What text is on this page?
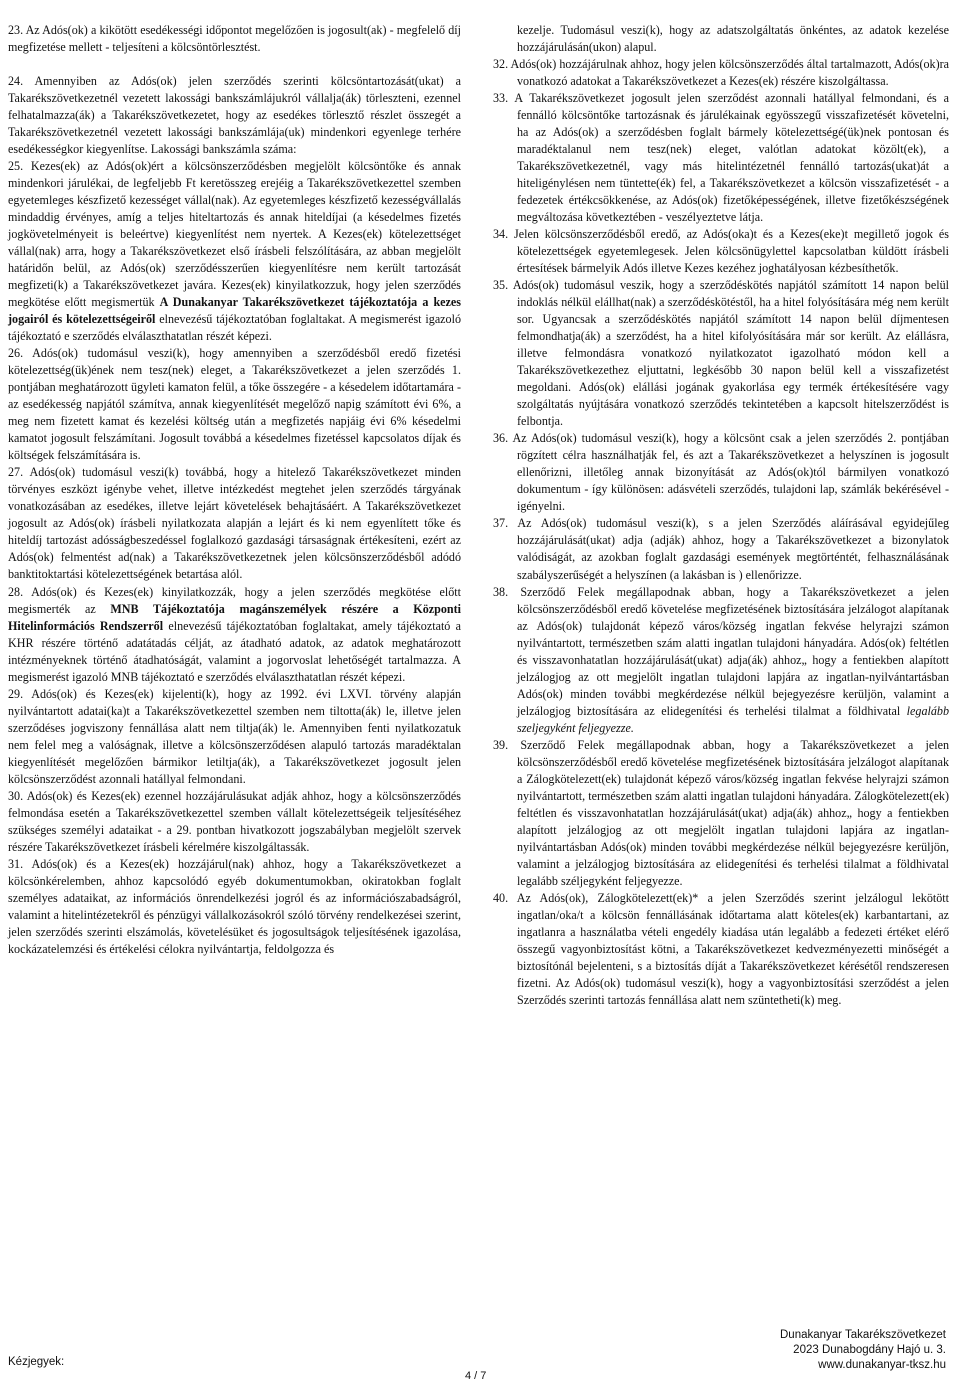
23. Az Adós(ok) a kikötött esedékességi időpontot megelőzően is jogosult(ak) - megfelelő díj megfizetése mellett - teljesíteni a kölcsöntörlesztést.

24. Amennyiben az Adós(ok) jelen szerződés szerinti kölcsöntartozását(ukat) a Takarékszövetkezetnél vezetett lakossági bankszámlájukról vállalja(ák) törleszteni, ezennel felhatalmazza(ák) a Takarékszövetkezetet, hogy az esedékes törlesztő részlet összegét a Takarékszövetkezetnél vezetett lakossági bankszámlája(uk) mindenkori egyenlege terhére esedékességkor kiegyenlítse. Lakossági bankszámla száma:

25. Kezes(ek) az Adós(ok)ért a kölcsönszerződésben megjelölt kölcsöntőke és annak mindenkori járulékai, de legfeljebb Ft keretösszeg erejéig a Takarékszövetkezettel szemben egyetemleges készfizető kezességet vállal(nak). Az egyetemleges készfizető kezességvállalás mindaddig érvényes, amíg a teljes hiteltartozás és annak hiteldíjai (a késedelmes fizetés jogkövetelményeit is beleértve) kiegyenlítést nem nyertek. A Kezes(ek) kötelezettséget vállal(nak) arra, hogy a Takarékszövetkezet első írásbeli felszólítására, az abban megjelölt határidőn belül, az Adós(ok) szerződésszerűen kiegyenlítésre nem került tartozását megfizeti(k) a Takarékszövetkezet javára. Kezes(ek) kinyilatkozzuk, hogy jelen szerződés megkötése előtt megismertük A Dunakanyar Takarékszövetkezet tájékoztatója a kezes jogairól és kötelezettségeiről elnevezésű tájékoztatóban foglaltakat. A megismerést igazoló tájékoztató e szerződés elválaszthatatlan részét képezi.

26. Adós(ok) tudomásul veszi(k), hogy amennyiben a szerződésből eredő fizetési kötelezettség(ük)ének nem tesz(nek) eleget, a Takarékszövetkezet a jelen szerződés 1. pontjában meghatározott ügyleti kamaton felül, a tőke összegére - a késedelem időtartamára - az esedékesség napjától számítva, annak kiegyenlítését megelőző napig számított évi 6%, a meg nem fizetett kamat és kezelési költség után a megfizetés napjáig évi 6% késedelmi kamatot jogosult felszámítani. Jogosult továbbá a késedelmes fizetéssel kapcsolatos díjak és költségek felszámítására is.

27. Adós(ok) tudomásul veszi(k) továbbá, hogy a hitelező Takarékszövetkezet minden törvényes eszközt igénybe vehet, illetve intézkedést megtehet jelen szerződés tárgyának vonatkozásában az esedékes, illetve lejárt követelések behajtásáért. A Takarékszövetkezet jogosult az Adós(ok) írásbeli nyilatkozata alapján a lejárt és ki nem egyenlített tőke és hiteldíj tartozást adósságbeszedéssel foglalkozó gazdasági társaságnak értékesíteni, ezért az Adós(ok) felmentést ad(nak) a Takarékszövetkezetnek jelen kölcsönszerződésből adódó banktitoktartási kötelezettségének betartása alól.

28. Adós(ok) és Kezes(ek) kinyilatkozzák, hogy a jelen szerződés megkötése előtt megismerték az MNB Tájékoztatója magánszemélyek részére a Központi Hitelinformációs Rendszerről elnevezésű tájékoztatóban foglaltakat, amely tájékoztató a KHR részére történő adatátadás célját, az átadható adatok, az adatok meghatározott intézményeknek történő átadhatóságát, valamint a jogorvoslat lehetőségét tartalmazza. A megismerést igazoló MNB tájékoztató e szerződés elválaszthatatlan részét képezi.

29. Adós(ok) és Kezes(ek) kijelenti(k), hogy az 1992. évi LXVI. törvény alapján nyilvántartott adatai(ka)t a Takarékszövetkezettel szemben nem tiltotta(ák) le, illetve jelen szerződéses jogviszony fennállása alatt nem tiltja(ák) le. Amennyiben fenti nyilatkozatuk nem felel meg a valóságnak, illetve a kölcsönszerződésen alapuló tartozás maradéktalan kiegyenlítését megelőzően bármikor letiltja(ák), a Takarékszövetkezet jogosult jelen kölcsönszerződést azonnali hatállyal felmondani.

30. Adós(ok) és Kezes(ek) ezennel hozzájárulásukat adják ahhoz, hogy a kölcsönszerződés felmondása esetén a Takarékszövetkezettel szemben vállalt kötelezettségeik teljesítéséhez szükséges személyi adataikat - a 29. pontban hivatkozott jogszabályban megjelölt szervek részére Takarékszövetkezet írásbeli kérelmére kiszolgáltassák.

31. Adós(ok) és a Kezes(ek) hozzájárul(nak) ahhoz, hogy a Takarékszövetkezet a kölcsönkérelemben, ahhoz kapcsolódó egyéb dokumentumokban, okiratokban foglalt személyes adataikat, az információs önrendelkezési jogról és az információszabadságról, valamint a hitelintézetekről és pénzügyi vállalkozásokról szóló törvény rendelkezései szerint, jelen szerződés szerinti elszámolás, követelésüket és jogosultságok teljesítésének igazolása, kockázatelemzési és értékelési célokra nyilvántartja, feldolgozza és

kezelje. Tudomásul veszi(k), hogy az adatszolgáltatás önkéntes, az adatok kezelése hozzájárulásán(ukon) alapul.

32. Adós(ok) hozzájárulnak ahhoz, hogy jelen kölcsönszerződés által tartalmazott, Adós(ok)ra vonatkozó adatokat a Takarékszövetkezet a Kezes(ek) részére kiszolgáltassa.

33. A Takarékszövetkezet jogosult jelen szerződést azonnali hatállyal felmondani, és a fennálló kölcsöntőke tartozásnak és járulékainak egyösszegű visszafizetését követelni, ha az Adós(ok) a szerződésben foglalt bármely kötelezettségé(ük)nek pontosan és maradéktalanul nem tesz(nek) eleget, valótlan adatokat közölt(ek), a Takarékszövetkezetnél, vagy más hitelintézetnél fennálló tartozás(ukat)át a hiteligénylésen nem tüntette(ék) fel, a Takarékszövetkezet a kölcsön visszafizetését - a fedezetek értékcsökkenése, az Adós(ok) fizetőképességének, illetve fizetőkészségének megváltozása következtében - veszélyeztetve látja.

34. Jelen kölcsönszerződésből eredő, az Adós(oka)t és a Kezes(eke)t megillető jogok és kötelezettségek egyetemlegesek. Jelen kölcsönügylettel kapcsolatban küldött írásbeli értesítések bármelyik Adós illetve Kezes kezéhez joghatályosan kézbesíthetők.

35. Adós(ok) tudomásul veszik, hogy a szerződéskötés napjától számított 14 napon belül indoklás nélkül elállhat(nak) a szerződéskötéstől, ha a hitel folyósítására még nem került sor. Ugyancsak a szerződéskötés napjától számított 14 napon belül díjmentesen felmondhatja(ák) a szerződést, ha a hitel kifolyósítására már sor került. Az elállásra, illetve felmondásra vonatkozó nyilatkozatot igazolható módon kell a Takarékszövetkezethez eljuttatni, legkésőbb 30 napon belül kell a visszafizetést megoldani. Adós(ok) elállási jogának gyakorlása egy termék értékesítésére vagy szolgáltatás nyújtására vonatkozó szerződés tekintetében a kapcsolt hitelszerződést is felbontja.

36. Az Adós(ok) tudomásul veszi(k), hogy a kölcsönt csak a jelen szerződés 2. pontjában rögzített célra használhatják fel, és azt a Takarékszövetkezet a helyszínen is jogosult ellenőrizni, illetőleg annak bizonyítását az Adós(ok)tól bármilyen vonatkozó dokumentum - így különösen: adásvételi szerződés, tulajdoni lap, számlák bekérésével - igényelni.

37. Az Adós(ok) tudomásul veszi(k), s a jelen Szerződés aláírásával egyidejűleg hozzájárulását(ukat) adja (adják) ahhoz, hogy a Takarékszövetkezet a bizonylatok valódiságát, az azokban foglalt gazdasági események megtörténtét, felhasználásának szabályszerűségét a helyszínen (a lakásban is ) ellenőrizze.

38. Szerződő Felek megállapodnak abban, hogy a Takarékszövetkezet a jelen kölcsönszerződésből eredő követelése megfizetésének biztosítására jelzálogot alapítanak az Adós(ok) tulajdonát képező város/község ingatlan fekvése helyrajzi számon nyilvántartott, természetben szám alatti ingatlan tulajdoni hányadára. Adós(ok) feltétlen és visszavonhatatlan hozzájárulását(ukat) adja(ák) ahhoz„ hogy a fentiekben alapított jelzálogjog az ott megjelölt ingatlan tulajdoni lapjára az ingatlan-nyilvántartásban Adós(ok) minden további megkérdezése nélkül bejegyezésre kerüljön, valamint a jelzálogjog biztosítására az elidegenítési és terhelési tilalmat a földhivatal legalább szeljegyként feljegyezze.

39. Szerződő Felek megállapodnak abban, hogy a Takarékszövetkezet a jelen kölcsönszerződésből eredő követelése megfizetésének biztosítására jelzálogot alapítanak a Zálogkötelezett(ek) tulajdonát képező város/község ingatlan fekvése helyrajzi számon nyilvántartott, természetben szám alatti ingatlan tulajdoni hányadára. Zálogkötelezett(ek) feltétlen és visszavonhatatlan hozzájárulását(ukat) adja(ák) ahhoz„ hogy a fentiekben alapított jelzálogjog az ott megjelölt ingatlan tulajdoni lapjára az ingatlan-nyilvántartásban Adós(ok) minden további megkérdezése nélkül bejegyezésre kerüljön, valamint a jelzálogjog biztosítására az elidegenítési és terhelési tilalmat a földhivatal legalább széljegyként feljegyezze.

40. Az Adós(ok), Zálogkötelezett(ek)* a jelen Szerződés szerint jelzálogul lekötött ingatlan/oka/t a kölcsön fennállásának időtartama alatt köteles(ek) karbantartani, az ingatlanra a használatba vételi engedély kiadása után legalább a fedezeti értéket elérő összegű vagyonbiztosítást kötni, a Takarékszövetkezet kedvezményezetti minőségét a biztosítónál bejelenteni, s a biztosítás díját a Takarékszövetkezet kérésétől rendszeresen fizetni. Az Adós(ok) tudomásul veszi(k), hogy a vagyonbiztosítási szerződést a jelen Szerződés szerinti tartozás fennállása alatt nem szüntetheti(k) meg.

Kézjegyek:
4 / 7
Dunakanyar Takarékszövetkezet
2023 Dunabogdány Hajó u. 3.
www.dunakanyar-tksz.hu
